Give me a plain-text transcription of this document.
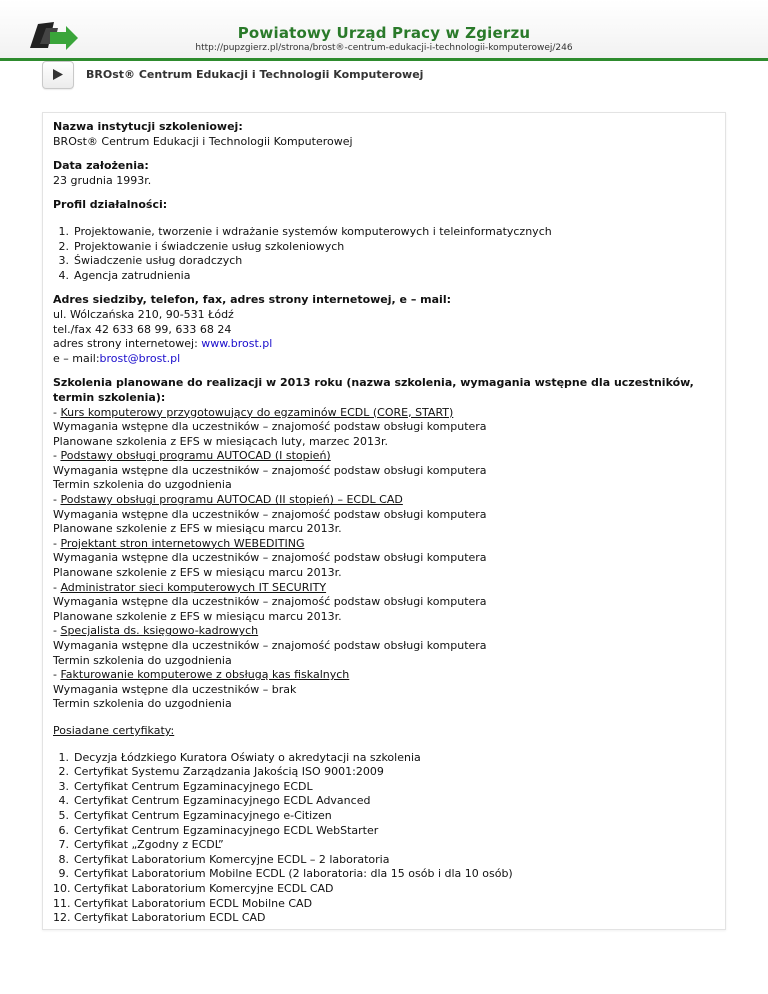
Powiatowy Urząd Pracy w Zgierzu
http://pupzgierz.pl/strona/brost®-centrum-edukacji-i-technologii-komputerowej/246
BROst® Centrum Edukacji i Technologii Komputerowej

Nazwa instytucji szkoleniowej:

BROst® Centrum Edukacji i Technologii Komputerowej

Data założenia:

23 grudnia 1993r.

Profil działalności:

1. Projektowanie, tworzenie i wdrażanie systemów komputerowych i teleinformatycznych
2. Projektowanie i świadczenie usług szkoleniowych
3. Świadczenie usług doradczych
4. Agencja zatrudnienia

Adres siedziby, telefon, fax, adres strony internetowej, e – mail:

ul. Wólczańska 210, 90-531 Łódź

tel./fax 42 633 68 99, 633 68 24

adres strony internetowej: www.brost.pl

e – mail:brost@brost.pl

Szkolenia planowane do realizacji w 2013 roku (nazwa szkolenia, wymagania wstępne dla uczestników, termin szkolenia):

- Kurs komputerowy przygotowujący do egzaminów ECDL (CORE, START)

Wymagania wstępne dla uczestników – znajomość podstaw obsługi komputera

Planowane szkolenia z EFS w miesiącach luty, marzec 2013r.

- Podstawy obsługi programu AUTOCAD (I stopień)

Wymagania wstępne dla uczestników – znajomość podstaw obsługi komputera

Termin szkolenia do uzgodnienia

- Podstawy obsługi programu AUTOCAD (II stopień) – ECDL CAD

Wymagania wstępne dla uczestników – znajomość podstaw obsługi komputera

Planowane szkolenie z EFS w miesiącu marcu 2013r.

- Projektant stron internetowych WEBEDITING

Wymagania wstępne dla uczestników – znajomość podstaw obsługi komputera

Planowane szkolenie z EFS w miesiącu marcu 2013r.

- Administrator sieci komputerowych IT SECURITY

Wymagania wstępne dla uczestników – znajomość podstaw obsługi komputera

Planowane szkolenie z EFS w miesiącu marcu 2013r.

- Specjalista ds. księgowo-kadrowych

Wymagania wstępne dla uczestników – znajomość podstaw obsługi komputera

Termin szkolenia do uzgodnienia

- Fakturowanie komputerowe z obsługą kas fiskalnych

Wymagania wstępne dla uczestników – brak

Termin szkolenia do uzgodnienia

Posiadane certyfikaty:

1. Decyzja Łódzkiego Kuratora Oświaty o akredytacji na szkolenia
2. Certyfikat Systemu Zarządzania Jakością ISO 9001:2009
3. Certyfikat Centrum Egzaminacyjnego ECDL
4. Certyfikat Centrum Egzaminacyjnego ECDL Advanced
5. Certyfikat Centrum Egzaminacyjnego e-Citizen
6. Certyfikat Centrum Egzaminacyjnego ECDL WebStarter
7. Certyfikat „Zgodny z ECDL”
8. Certyfikat Laboratorium Komercyjne ECDL – 2 laboratoria
9. Certyfikat Laboratorium Mobilne ECDL (2 laboratoria: dla 15 osób i dla 10 osób)
10. Certyfikat Laboratorium Komercyjne ECDL CAD
11. Certyfikat Laboratorium ECDL Mobilne CAD
12. Certyfikat Laboratorium ECDL CAD
